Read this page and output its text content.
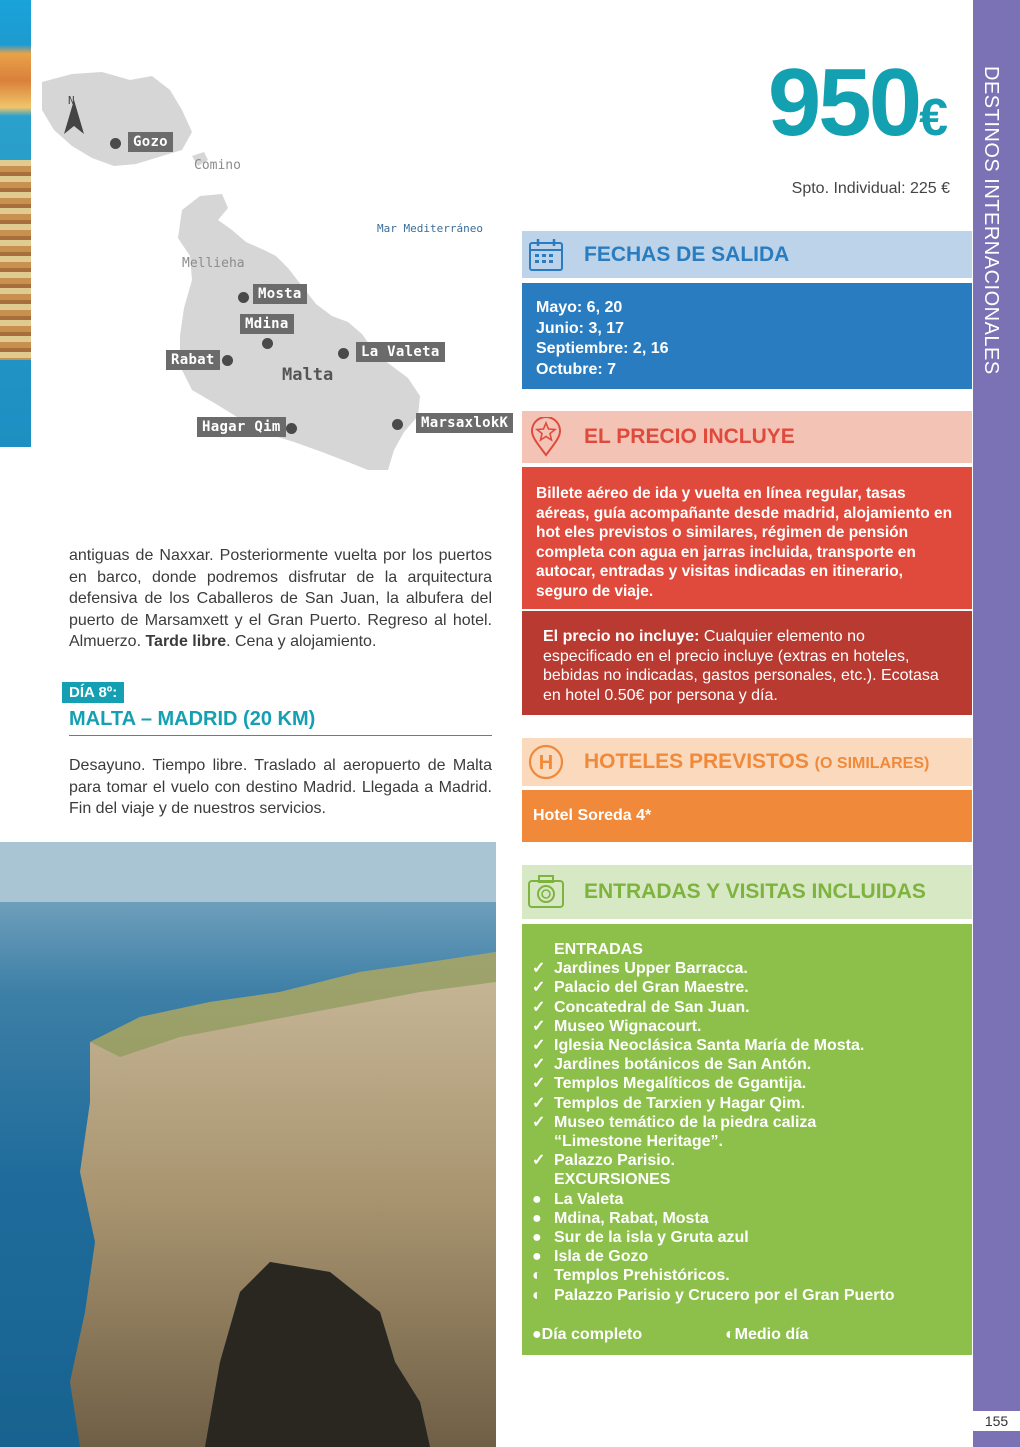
N
Gozo
Comino
Mar Mediterráneo
Mellieha
Mosta
Mdina
Rabat	La Valeta
Malta
Hagar Qim	MarsaxlokK

antiguas de Naxxar. Posteriormente vuelta por los puertos en barco, donde podremos disfrutar de la arquitectura defensiva de los Caballeros de San Juan, la albufera del puerto de Marsamxett y el Gran Puerto. Regreso al hotel. Almuerzo. Tarde libre. Cena y alojamiento.

DÍA 8º:
MALTA – MADRID (20 KM)

Desayuno. Tiempo libre. Traslado al aeropuerto de Malta para tomar el vuelo con destino Madrid. Llegada a Madrid. Fin del viaje y de nuestros servicios.

950€
Spto. Individual: 225 €
FECHAS DE SALIDA
Mayo: 6, 20
Junio: 3, 17
Septiembre: 2, 16
Octubre: 7
EL PRECIO INCLUYE
Billete aéreo de ida y vuelta en línea regular, tasas aéreas, guía acompañante desde madrid, alojamiento en hot eles previstos o similares, régimen de pensión completa con agua en jarras incluida, transporte en autocar, entradas y visitas indicadas en itinerario, seguro de viaje.
El precio no incluye: Cualquier elemento no especificado en el precio incluye (extras en hoteles, bebidas no indicadas, gastos personales, etc.). Ecotasa en hotel 0.50€ por persona y día.
H HOTELES PREVISTOS (O SIMILARES)
Hotel Soreda 4*
ENTRADAS Y VISITAS INCLUIDAS
ENTRADAS
✓ Jardines Upper Barracca.
✓ Palacio del Gran Maestre.
✓ Concatedral de San Juan.
✓ Museo Wignacourt.
✓ Iglesia Neoclásica Santa María de Mosta.
✓ Jardines botánicos de San Antón.
✓ Templos Megalíticos de Ggantija.
✓ Templos de Tarxien y Hagar Qim.
✓ Museo temático de la piedra caliza “Limestone Heritage”.
✓ Palazzo Parisio.
EXCURSIONES
● La Valeta
● Mdina, Rabat, Mosta
● Sur de la isla y Gruta azul
● Isla de Gozo
◐ Templos Prehistóricos.
◐ Palazzo Parisio y Crucero por el Gran Puerto
● Día completo	◐ Medio día
DESTINOS INTERNACIONALES
155
